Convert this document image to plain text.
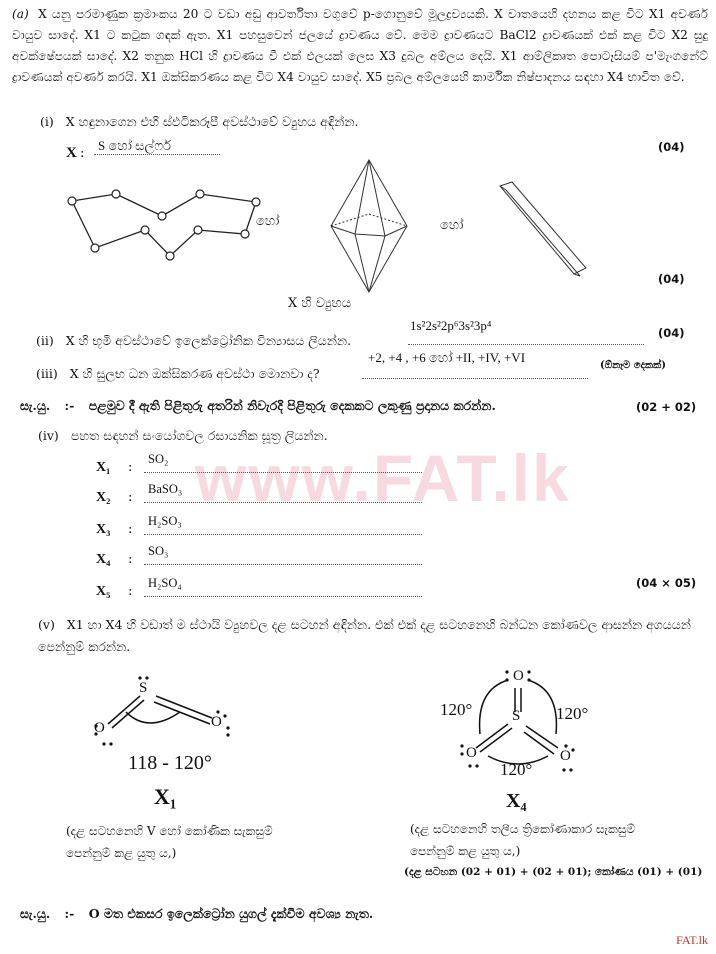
www.FAT.lk
(a) X යනු පරමාණුක ක්‍රමාංකය 20 ට වඩා අඩු ආවර්තිතා වගුවේ p-ගොනුවේ මූලද්‍රව්‍යයකි. X වාතයෙහි දහනය කළ විට X1 අවර්ණ වායුව සාදේ. X1 ට කටුක ගඳක් ඇත. X1 පහසුවෙන් ජලයේ ද්‍රාවණය වේ. මෙම ද්‍රාවණයට BaCl2 ද්‍රාවණයක් එක් කළ විට X2 සුදු අවක්ෂේපයක් සාදේ. X2 තනුක HCl හි ද්‍රාවණය වී එක් ඵලයක් ලෙස X3 දුබල අම්ලය දෙයි. X1 ආම්ලිකෘත පොටෑසියම් ප'මැංගනේට් ද්‍රාවණයක් අවර්ණ කරයි. X1 ඔක්සිකරණය කළ විට X4 වායුව සාදේ. X5 ප්‍රබල අම්ලයෙහි කාර්මික නිෂ්පාදනය සඳහා X4 භාවිත වේ.
(i) X හඳුනාගෙන එහි ස්ඵටිකරූපී අවස්ථාවේ ව්‍යුහය අඳින්න.
X :
S හෝ සල්ෆර්	(04)
හෝ	හෝ
(04)
X හි ව්‍යුහය
1s²2s²2p⁶3s²3p⁴
(ii) X හි භූමි අවස්ථාවේ ඉලෙක්ට්‍රෝනික වින්‍යාසය ලියන්න.	(04)
+2, +4 , +6 හෝ +II, +IV, +VI
(iii) X හි සුලභ ධන ඔක්සිකරණ අවස්ථා මොනවා ද?
(ඕනෑම දෙකක්)
සැ.යු. :- පළමුව දී ඇති පිළිතුරු අතරින් නිවැරදි පිළිතුරු දෙකකට ලකුණු ප්‍රදානය කරන්න.	(02 + 02)
(iv) පහත සඳහන් සංයෝගවල රසායනික සූත්‍ර ලියන්න.
X₁ :
SO₂
X₂ :
BaSO₃
X₃ :
H₂SO₃
X₄ :
SO₃
X₅ :
H₂SO₄	(04 × 05)
(v) X1 හා X4 හි වඩාත් ම ස්ථායි ව්‍යුහවල දළ සටහන් අඳින්න. එක් එක් දළ සටහනෙහි බන්ධන කෝණවල ආසන්න අගයයන් පෙන්නුම් කරන්න.
S
O	O
118 - 120°
X₁
O
S
O	O
120°	120°
120°
X₄
(දළ සටහනෙහි V හෝ කෝණික සැකසුම් පෙන්නුම් කළ යුතු ය,)
(දළ සටහනෙහි තලීය ත්‍රිකෝණාකාර සැකසුම් පෙන්නුම් කළ යුතු ය,)
(දළ සටහන (02 + 01) + (02 + 01); කෝණය (01) + (01)
සැ.යු. :- O මත එකසර ඉලෙක්ට්‍රෝන යුගල් දැක්වීම අවශ්‍ය නැත.
FAT.lk
